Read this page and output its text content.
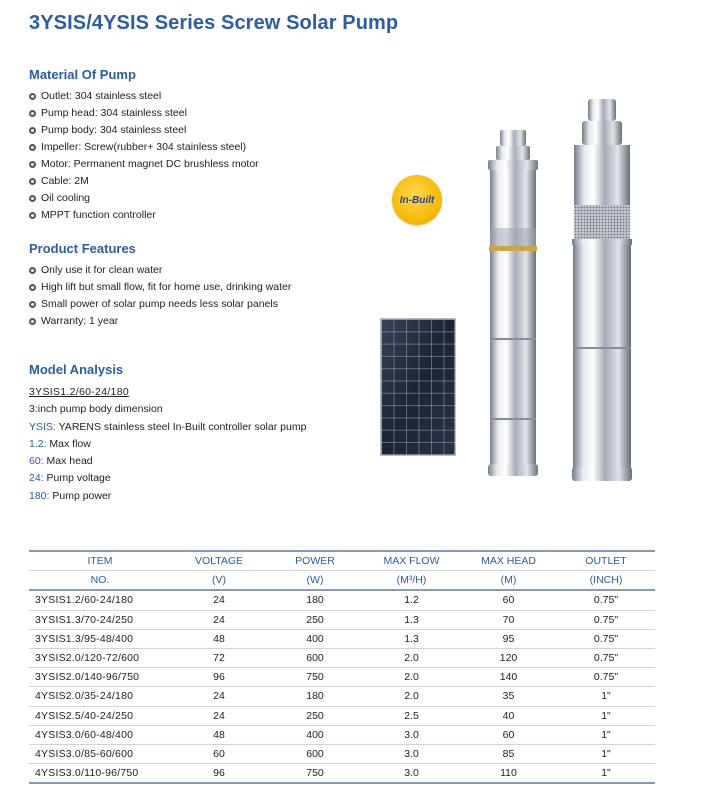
3YSIS/4YSIS Series Screw Solar Pump
Material Of Pump
Outlet: 304 stainless steel
Pump head: 304 stainless steel
Pump body: 304 stainless steel
Impeller: Screw(rubber+ 304 stainless steel)
Motor: Permanent magnet DC brushless motor
Cable: 2M
Oil cooling
MPPT function controller
Product Features
Only use it for clean water
High lift but small flow, fit for home use, drinking water
Small power of solar pump needs less solar panels
Warranty: 1 year
Model Analysis
3YSIS1.2/60-24/180
3:inch pump body dimension
YSIS: YARENS stainless steel In-Built controller solar pump
1.2: Max flow
60: Max head
24: Pump voltage
180: Pump power
In-Built
ITEM	VOLTAGE	POWER	MAX FLOW	MAX HEAD	OUTLET
NO.	(V)	(W)	(M³/H)	(M)	(INCH)
3YSIS1.2/60-24/180	24	180	1.2	60	0.75"
3YSIS1.3/70-24/250	24	250	1.3	70	0.75"
3YSIS1.3/95-48/400	48	400	1.3	95	0.75"
3YSIS2.0/120-72/600	72	600	2.0	120	0.75"
3YSIS2.0/140-96/750	96	750	2.0	140	0.75"
4YSIS2.0/35-24/180	24	180	2.0	35	1"
4YSIS2.5/40-24/250	24	250	2.5	40	1"
4YSIS3.0/60-48/400	48	400	3.0	60	1"
4YSIS3.0/85-60/600	60	600	3.0	85	1"
4YSIS3.0/110-96/750	96	750	3.0	110	1"
